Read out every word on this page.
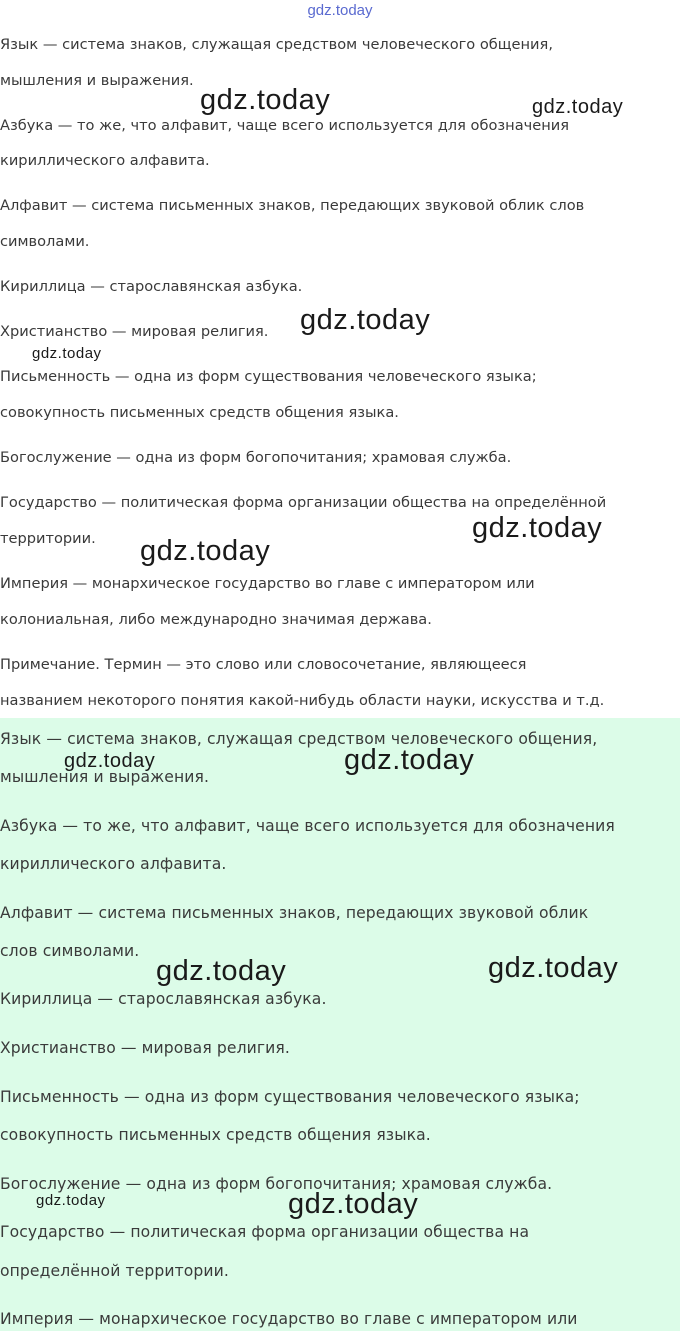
gdz.today
Язык — система знаков, служащая средством человеческого общения,
мышления и выражения.
Азбука — то же, что алфавит, чаще всего используется для обозначения
кириллического алфавита.
Алфавит — система письменных знаков, передающих звуковой облик слов
символами.
Кириллица — старославянская азбука.
Христианство — мировая религия.
Письменность — одна из форм существования человеческого языка;
совокупность письменных средств общения языка.
Богослужение — одна из форм богопочитания; храмовая служба.
Государство — политическая форма организации общества на определённой
территории.
Империя — монархическое государство во главе с императором или
колониальная, либо международно значимая держава.
Примечание. Термин — это слово или словосочетание, являющееся
названием некоторого понятия какой-нибудь области науки, искусства и т.д.
Язык — система знаков, служащая средством человеческого общения,
мышления и выражения.
Азбука — то же, что алфавит, чаще всего используется для обозначения
кириллического алфавита.
Алфавит — система письменных знаков, передающих звуковой облик
слов символами.
Кириллица — старославянская азбука.
Христианство — мировая религия.
Письменность — одна из форм существования человеческого языка;
совокупность письменных средств общения языка.
Богослужение — одна из форм богопочитания; храмовая служба.
Государство — политическая форма организации общества на
определённой территории.
Империя — монархическое государство во главе с императором или
gdz.today	gdz.today
gdz.today
gdz.today
gdz.today
gdz.today
gdz.today	gdz.today
gdz.today	gdz.today
gdz.today	gdz.today
